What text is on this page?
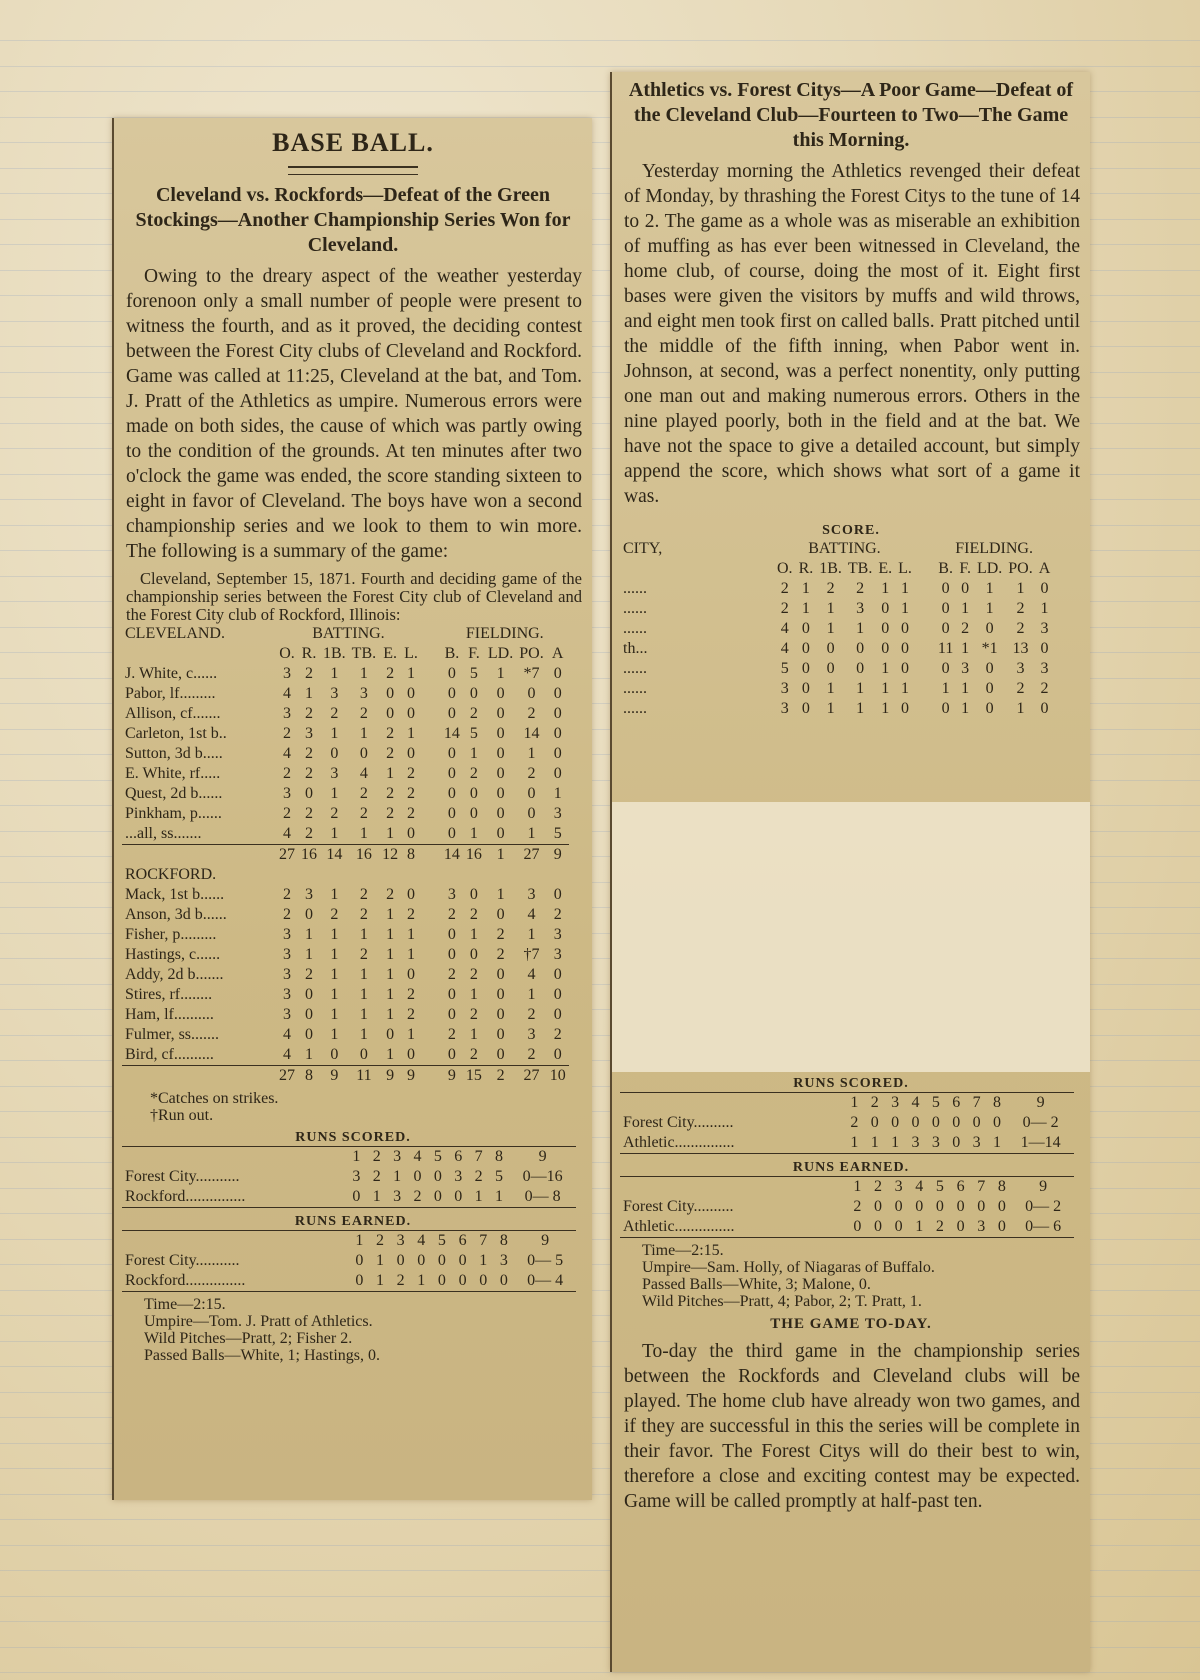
BASE BALL.
Cleveland vs. Rockfords—Defeat of the Green Stockings—Another Championship Series Won for Cleveland.

Owing to the dreary aspect of the weather yesterday forenoon only a small number of people were present to witness the fourth, and as it proved, the deciding contest between the Forest City clubs of Cleveland and Rockford. Game was called at 11:25, Cleveland at the bat, and Tom. J. Pratt of the Athletics as umpire. Numerous errors were made on both sides, the cause of which was partly owing to the condition of the grounds. At ten minutes after two o'clock the game was ended, the score standing sixteen to eight in favor of Cleveland. The boys have won a second championship series and we look to them to win more. The following is a summary of the game:

Cleveland, September 15, 1871. Fourth and deciding game of the championship series between the Forest City club of Cleveland and the Forest City club of Rockford, Illinois:

CLEVELAND.	BATTING.							FIELDING.				
	O.	R.	1B.	TB.	E.	L.		B.	F.	LD.	PO.	A
J. White, c......	3	2	1	1	2	1		0	5	1	*7	0
Pabor, lf.........	4	1	3	3	0	0		0	0	0	0	0
Allison, cf.......	3	2	2	2	0	0		0	2	0	2	0
Carleton, 1st b..	2	3	1	1	2	1		14	5	0	14	0
Sutton, 3d b.....	4	2	0	0	2	0		0	1	0	1	0
E. White, rf.....	2	2	3	4	1	2		0	2	0	2	0
Quest, 2d b......	3	0	1	2	2	2		0	0	0	0	1
Pinkham, p......	2	2	2	2	2	2		0	0	0	0	3
...all, ss.......	4	2	1	1	1	0		0	1	0	1	5
	27	16	14	16	12	8		14	16	1	27	9
ROCKFORD.												
Mack, 1st b......	2	3	1	2	2	0		3	0	1	3	0
Anson, 3d b......	2	0	2	2	1	2		2	2	0	4	2
Fisher, p.........	3	1	1	1	1	1		0	1	2	1	3
Hastings, c......	3	1	1	2	1	1		0	0	2	†7	3
Addy, 2d b.......	3	2	1	1	1	0		2	2	0	4	0
Stires, rf........	3	0	1	1	1	2		0	1	0	1	0
Ham, lf..........	3	0	1	1	1	2		0	2	0	2	0
Fulmer, ss.......	4	0	1	1	0	1		2	1	0	3	2
Bird, cf..........	4	1	0	0	1	0		0	2	0	2	0
	27	8	9	11	9	9		9	15	2	27	10
*Catches on strikes.
†Run out.
RUNS SCORED.
	1	2	3	4	5	6	7	8	9
Forest City...........	3	2	1	0	0	3	2	5	0—16
Rockford...............	0	1	3	2	0	0	1	1	0— 8
RUNS EARNED.
	1	2	3	4	5	6	7	8	9
Forest City...........	0	1	0	0	0	0	1	3	0— 5
Rockford...............	0	1	2	1	0	0	0	0	0— 4
Time—2:15.
Umpire—Tom. J. Pratt of Athletics.
Wild Pitches—Pratt, 2; Fisher 2.
Passed Balls—White, 1; Hastings, 0.
Athletics vs. Forest Citys—A Poor Game—Defeat of the Cleveland Club—Fourteen to Two—The Game this Morning.

Yesterday morning the Athletics revenged their defeat of Monday, by thrashing the Forest Citys to the tune of 14 to 2. The game as a whole was as miserable an exhibition of muffing as has ever been witnessed in Cleveland, the home club, of course, doing the most of it. Eight first bases were given the visitors by muffs and wild throws, and eight men took first on called balls. Pratt pitched until the middle of the fifth inning, when Pabor went in. Johnson, at second, was a perfect nonentity, only putting one man out and making numerous errors. Others in the nine played poorly, both in the field and at the bat. We have not the space to give a detailed account, but simply append the score, which shows what sort of a game it was.

SCORE.
CITY,	BATTING.							FIELDING.				
	O.	R.	1B.	TB.	E.	L.		B.	F.	LD.	PO.	A
......	2	1	2	2	1	1		0	0	1	1	0
......	2	1	1	3	0	1		0	1	1	2	1
......	4	0	1	1	0	0		0	2	0	2	3
th...	4	0	0	0	0	0		11	1	*1	13	0
......	5	0	0	0	1	0		0	3	0	3	3
......	3	0	1	1	1	1		1	1	0	2	2
......	3	0	1	1	1	0		0	1	0	1	0
RUNS SCORED.
	1	2	3	4	5	6	7	8	9
Forest City..........	2	0	0	0	0	0	0	0	0— 2
Athletic...............	1	1	1	3	3	0	3	1	1—14
RUNS EARNED.
	1	2	3	4	5	6	7	8	9
Forest City..........	2	0	0	0	0	0	0	0	0— 2
Athletic...............	0	0	0	1	2	0	3	0	0— 6
Time—2:15.
Umpire—Sam. Holly, of Niagaras of Buffalo.
Passed Balls—White, 3; Malone, 0.
Wild Pitches—Pratt, 4; Pabor, 2; T. Pratt, 1.
THE GAME TO-DAY.

To-day the third game in the championship series between the Rockfords and Cleveland clubs will be played. The home club have already won two games, and if they are successful in this the series will be complete in their favor. The Forest Citys will do their best to win, therefore a close and exciting contest may be expected. Game will be called promptly at half-past ten.
